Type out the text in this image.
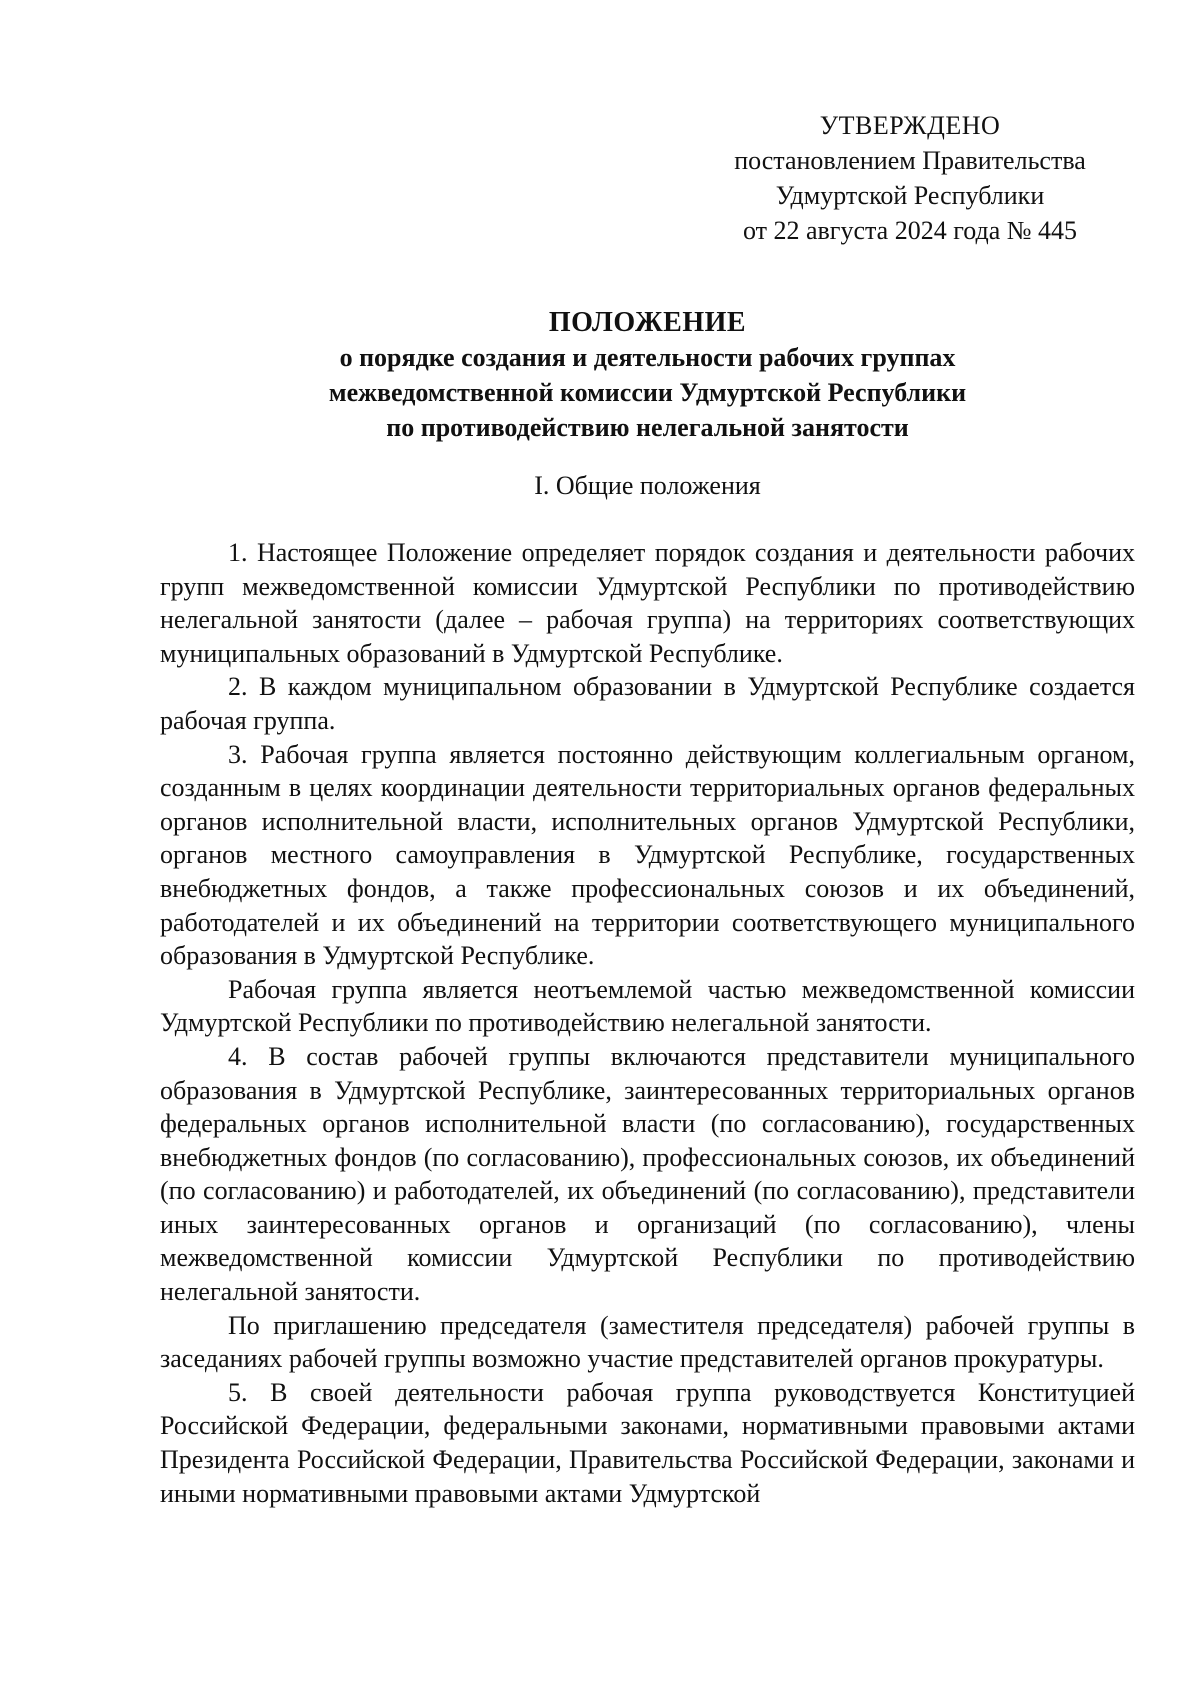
УТВЕРЖДЕНО
постановлением Правительства
Удмуртской Республики
от 22 августа 2024 года № 445
ПОЛОЖЕНИЕ
о порядке создания и деятельности рабочих группах
межведомственной комиссии Удмуртской Республики
по противодействию нелегальной занятости
I. Общие положения

1. Настоящее Положение определяет порядок создания и деятельности рабочих групп межведомственной комиссии Удмуртской Республики по противодействию нелегальной занятости (далее – рабочая группа) на территориях соответствующих муниципальных образований в Удмуртской Республике.

2. В каждом муниципальном образовании в Удмуртской Республике создается рабочая группа.

3. Рабочая группа является постоянно действующим коллегиальным органом, созданным в целях координации деятельности территориальных органов федеральных органов исполнительной власти, исполнительных органов Удмуртской Республики, органов местного самоуправления в Удмуртской Республике, государственных внебюджетных фондов, а также профессиональных союзов и их объединений, работодателей и их объединений на территории соответствующего муниципального образования в Удмуртской Республике.

Рабочая группа является неотъемлемой частью межведомственной комиссии Удмуртской Республики по противодействию нелегальной занятости.

4. В состав рабочей группы включаются представители муниципального образования в Удмуртской Республике, заинтересованных территориальных органов федеральных органов исполнительной власти (по согласованию), государственных внебюджетных фондов (по согласованию), профессиональных союзов, их объединений (по согласованию) и работодателей, их объединений (по согласованию), представители иных заинтересованных органов и организаций (по согласованию), члены межведомственной комиссии Удмуртской Республики по противодействию нелегальной занятости.

По приглашению председателя (заместителя председателя) рабочей группы в заседаниях рабочей группы возможно участие представителей органов прокуратуры.

5. В своей деятельности рабочая группа руководствуется Конституцией Российской Федерации, федеральными законами, нормативными правовыми актами Президента Российской Федерации, Правительства Российской Федерации, законами и иными нормативными правовыми актами Удмуртской
